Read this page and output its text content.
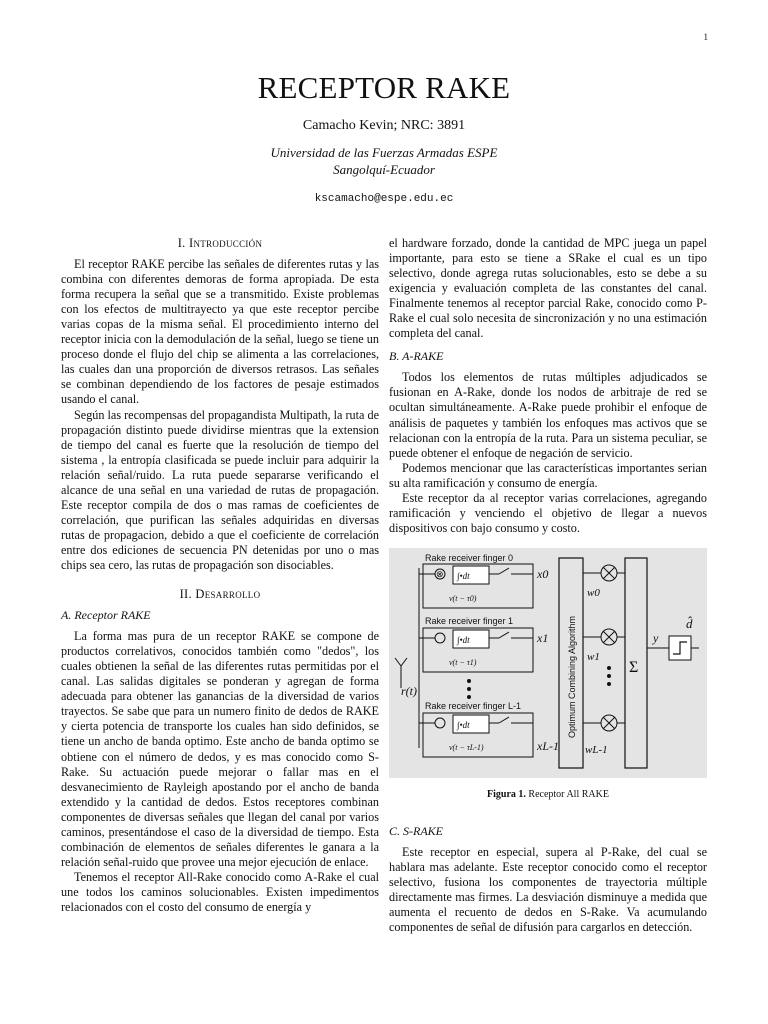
1
RECEPTOR RAKE
Camacho Kevin; NRC: 3891
Universidad de las Fuerzas Armadas ESPE
Sangolquí-Ecuador
kscamacho@espe.edu.ec
I. Introducción

El receptor RAKE percibe las señales de diferentes rutas y las combina con diferentes demoras de forma apropiada. De esta forma recupera la señal que se a transmitido. Existe problemas con los efectos de multitrayecto ya que este receptor percibe varias copas de la misma señal. El procedimiento interno del receptor inicia con la demodulación de la señal, luego se tiene un proceso donde el flujo del chip se alimenta a las correlaciones, las cuales dan una proporción de diversos retrasos. Las señales se combinan dependiendo de los factores de pesaje estimados usando el canal.

Según las recompensas del propagandista Multipath, la ruta de propagación distinto puede dividirse mientras que la extension de tiempo del canal es fuerte que la resolución de tiempo del sistema , la entropía clasificada se puede incluir para adquirir la relación señal/ruido. La ruta puede separarse verificando el alcance de una señal en una variedad de rutas de propagación. Este receptor compila de dos o mas ramas de coeficientes de correlación, que purifican las señales adquiridas en diversas rutas de propagacion, debido a que el coeficiente de correlación entre dos ediciones de secuencia PN detenidas por uno o mas chips sea cero, las rutas de propagación son disociables.

II. Desarrollo
A. Receptor RAKE

La forma mas pura de un receptor RAKE se compone de productos correlativos, conocidos también como "dedos", los cuales obtienen la señal de las diferentes rutas permitidas por el canal. Las salidas digitales se ponderan y agregan de forma adecuada para obtener las ganancias de la diversidad de varios trayectos. Se sabe que para un numero finito de dedos de RAKE y cierta potencia de transporte los cuales han sido definidos, se tiene un ancho de banda optimo. Este ancho de banda optimo se obtiene con el número de dedos, y es mas conocido como S-Rake. Su actuación puede mejorar o fallar mas en el desvanecimiento de Rayleigh apostando por el ancho de banda extendido y la cantidad de dedos. Estos receptores combinan componentes de diversas señales que llegan del canal por varios caminos, presentándose el caso de la diversidad de tiempo. Esta combinación de elementos de señales diferentes le ganara a la relación señal-ruido que provee una mejor ejecución de enlace.

Tenemos el receptor All-Rake conocido como A-Rake el cual une todos los caminos solucionables. Existen impedimentos relacionados con el costo del consumo de energía y

el hardware forzado, donde la cantidad de MPC juega un papel importante, para esto se tiene a SRake el cual es un tipo selectivo, donde agrega rutas solucionables, esto se debe a su exigencia y evaluación completa de las constantes del canal. Finalmente tenemos al receptor parcial Rake, conocido como P-Rake el cual solo necesita de sincronización y no una estimación completa del canal.

B. A-RAKE

Todos los elementos de rutas múltiples adjudicados se fusionan en A-Rake, donde los nodos de arbitraje de red se ocultan simultáneamente. A-Rake puede prohibir el enfoque de análisis de paquetes y también los enfoques mas activos que se relacionan con la entropía de la ruta. Para un sistema peculiar, se puede obtener el enfoque de negación de servicio.

Podemos mencionar que las características importantes serian su alta ramificación y consumo de energía.

Este receptor da al receptor varias correlaciones, agregando ramificación y venciendo el objetivo de llegar a nuevos dispositivos con bajo consumo y costo.

r(t)
Rake receiver finger 0
⊗ ∫•dt
v(t − τ0)
x0
Rake receiver finger 1
∫•dt
v(t − τ1)
x1
Rake receiver finger L-1
∫•dt
v(t − τL-1)	xL-1
Optimum Combining Algorithm
w0
w1
wL-1
Σ
y
d̂
Figura 1. Receptor All RAKE
C. S-RAKE

Este receptor en especial, supera al P-Rake, del cual se hablara mas adelante. Este receptor conocido como el receptor selectivo, fusiona los componentes de trayectoria múltiple directamente mas firmes. La desviación disminuye a medida que aumenta el recuento de dedos en S-Rake. Va acumulando componentes de señal de difusión para cargarlos en detección.
